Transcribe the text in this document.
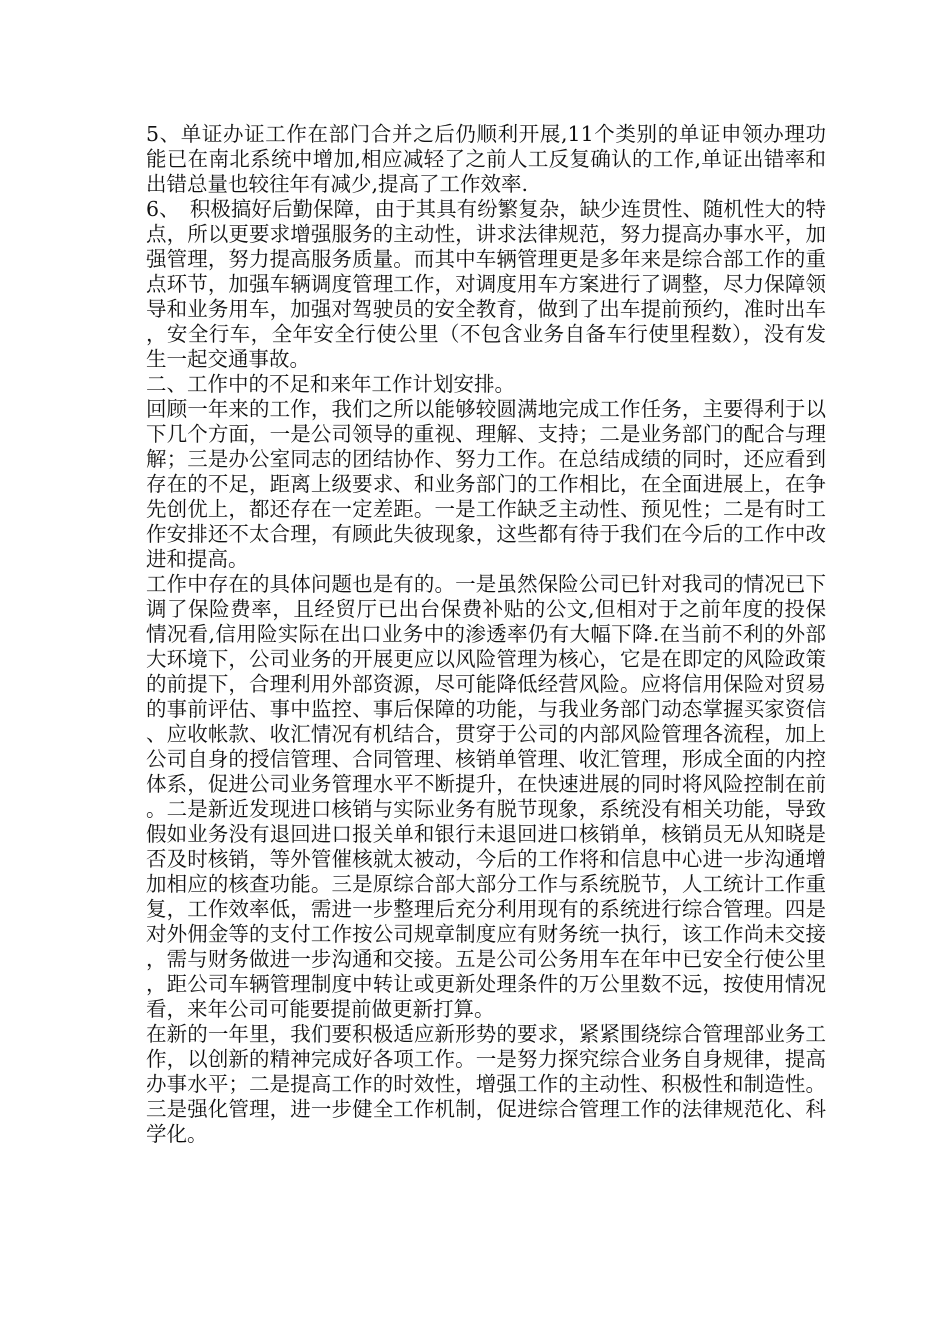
5、单证办证工作在部门合并之后仍顺利开展,11个类别的单证申领办理功能已在南北系统中增加,相应减轻了之前人工反复确认的工作,单证出错率和出错总量也较往年有减少,提高了工作效率.

6、　积极搞好后勤保障，由于其具有纷繁复杂，缺少连贯性、随机性大的特点，所以更要求增强服务的主动性，讲求法律规范，努力提高办事水平，加强管理，努力提高服务质量。而其中车辆管理更是多年来是综合部工作的重点环节，加强车辆调度管理工作，对调度用车方案进行了调整，尽力保障领导和业务用车，加强对驾驶员的安全教育，做到了出车提前预约，准时出车，安全行车，全年安全行使公里（不包含业务自备车行使里程数），没有发生一起交通事故。

二、工作中的不足和来年工作计划安排。

回顾一年来的工作，我们之所以能够较圆满地完成工作任务，主要得利于以下几个方面，一是公司领导的重视、理解、支持；二是业务部门的配合与理解；三是办公室同志的团结协作、努力工作。在总结成绩的同时，还应看到存在的不足，距离上级要求、和业务部门的工作相比，在全面进展上，在争先创优上，都还存在一定差距。一是工作缺乏主动性、预见性；二是有时工作安排还不太合理，有顾此失彼现象，这些都有待于我们在今后的工作中改进和提高。

工作中存在的具体问题也是有的。一是虽然保险公司已针对我司的情况已下调了保险费率，且经贸厅已出台保费补贴的公文,但相对于之前年度的投保情况看,信用险实际在出口业务中的渗透率仍有大幅下降.在当前不利的外部大环境下，公司业务的开展更应以风险管理为核心，它是在即定的风险政策的前提下，合理利用外部资源，尽可能降低经营风险。应将信用保险对贸易的事前评估、事中监控、事后保障的功能，与我业务部门动态掌握买家资信、应收帐款、收汇情况有机结合，贯穿于公司的内部风险管理各流程，加上公司自身的授信管理、合同管理、核销单管理、收汇管理，形成全面的内控体系，促进公司业务管理水平不断提升，在快速进展的同时将风险控制在前。二是新近发现进口核销与实际业务有脱节现象，系统没有相关功能，导致假如业务没有退回进口报关单和银行未退回进口核销单，核销员无从知晓是否及时核销，等外管催核就太被动，今后的工作将和信息中心进一步沟通增加相应的核查功能。三是原综合部大部分工作与系统脱节，人工统计工作重复，工作效率低，需进一步整理后充分利用现有的系统进行综合管理。四是对外佣金等的支付工作按公司规章制度应有财务统一执行，该工作尚未交接，需与财务做进一步沟通和交接。五是公司公务用车在年中已安全行使公里，距公司车辆管理制度中转让或更新处理条件的万公里数不远，按使用情况看，来年公司可能要提前做更新打算。

在新的一年里，我们要积极适应新形势的要求，紧紧围绕综合管理部业务工作，以创新的精神完成好各项工作。一是努力探究综合业务自身规律，提高办事水平；二是提高工作的时效性，增强工作的主动性、积极性和制造性。三是强化管理，进一步健全工作机制，促进综合管理工作的法律规范化、科学化。
